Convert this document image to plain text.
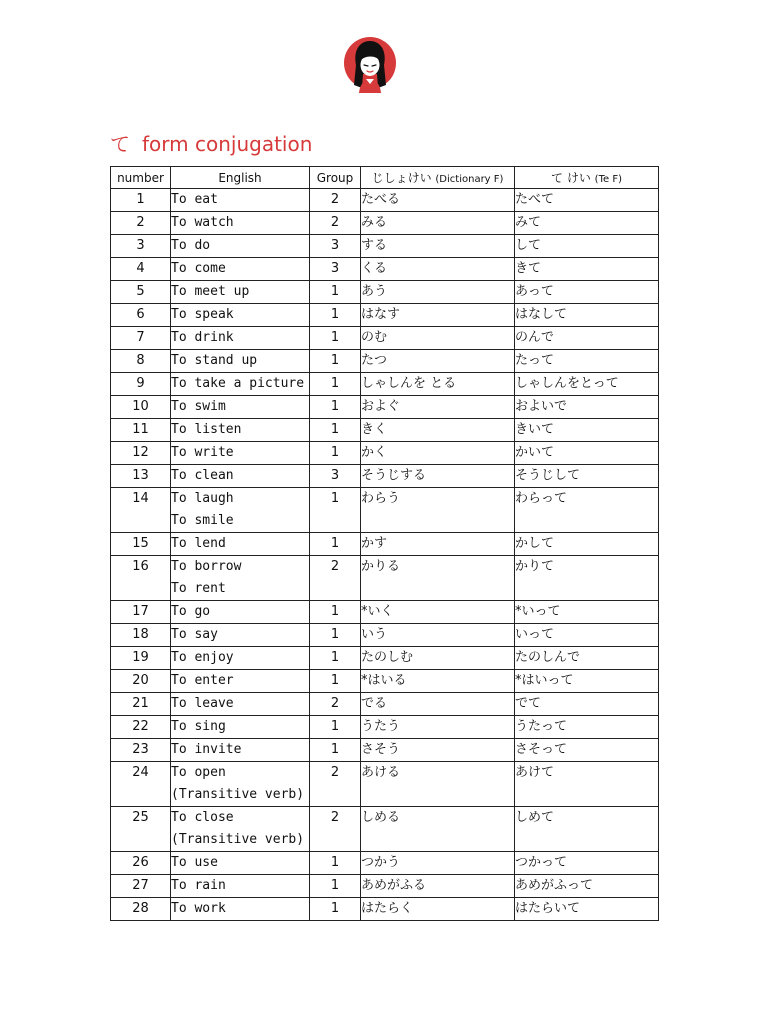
て form conjugation
number	English	Group	じしょけい (Dictionary F)	て けい (Te F)
1	To eat	2	たべる	たべて
2	To watch	2	みる	みて
3	To do	3	する	して
4	To come	3	くる	きて
5	To meet up	1	あう	あって
6	To speak	1	はなす	はなして
7	To drink	1	のむ	のんで
8	To stand up	1	たつ	たって
9	To take a picture	1	しゃしんを とる	しゃしんをとって
10	To swim	1	およぐ	およいで
11	To listen	1	きく	きいて
12	To write	1	かく	かいて
13	To clean	3	そうじする	そうじして
14	To laugh
To smile	1	わらう	わらって
15	To lend	1	かす	かして
16	To borrow
To rent	2	かりる	かりて
17	To go	1	*いく	*いって
18	To say	1	いう	いって
19	To enjoy	1	たのしむ	たのしんで
20	To enter	1	*はいる	*はいって
21	To leave	2	でる	でて
22	To sing	1	うたう	うたって
23	To invite	1	さそう	さそって
24	To open
(Transitive verb)	2	あける	あけて
25	To close
(Transitive verb)	2	しめる	しめて
26	To use	1	つかう	つかって
27	To rain	1	あめがふる	あめがふって
28	To work	1	はたらく	はたらいて
